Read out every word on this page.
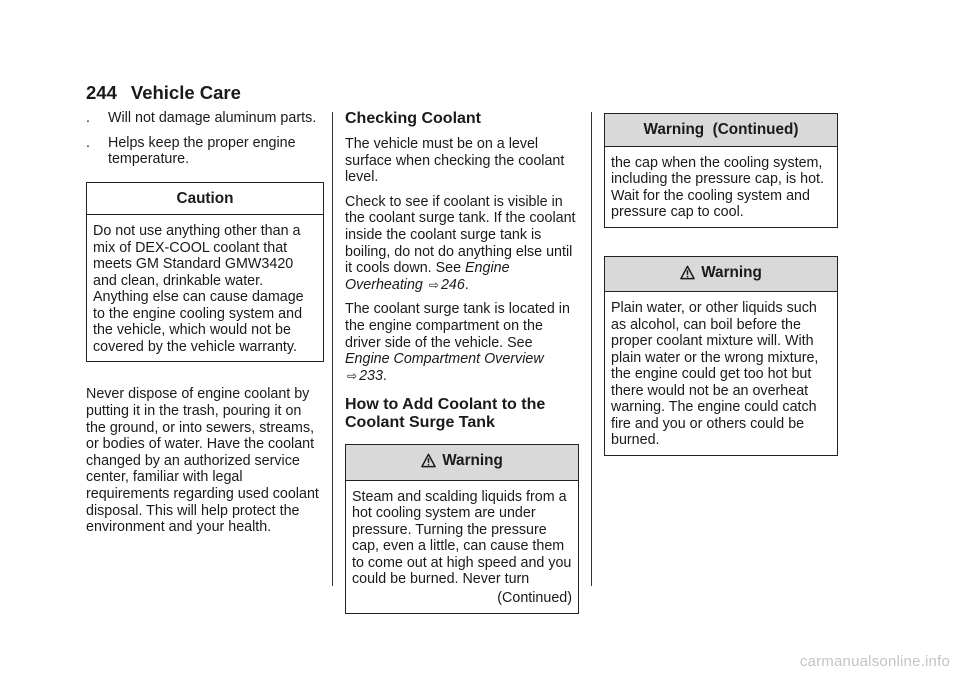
244 Vehicle Care
.	Will not damage aluminum parts.
.	Helps keep the proper engine temperature.
Caution

Do not use anything other than a mix of DEX-COOL coolant that meets GM Standard GMW3420 and clean, drinkable water. Anything else can cause damage to the engine cooling system and the vehicle, which would not be covered by the vehicle warranty.

Never dispose of engine coolant by putting it in the trash, pouring it on the ground, or into sewers, streams, or bodies of water. Have the coolant changed by an authorized service center, familiar with legal requirements regarding used coolant disposal. This will help protect the environment and your health.

Checking Coolant

The vehicle must be on a level surface when checking the coolant level.

Check to see if coolant is visible in the coolant surge tank. If the coolant inside the coolant surge tank is boiling, do not do anything else until it cools down. See Engine Overheating ⇨ 246.

The coolant surge tank is located in the engine compartment on the driver side of the vehicle. See Engine Compartment Overview
⇨ 233.

How to Add Coolant to the Coolant Surge Tank
Warning

Steam and scalding liquids from a hot cooling system are under pressure. Turning the pressure cap, even a little, can cause them to come out at high speed and you could be burned. Never turn

(Continued)
Warning  (Continued)

the cap when the cooling system, including the pressure cap, is hot. Wait for the cooling system and pressure cap to cool.

Warning

Plain water, or other liquids such as alcohol, can boil before the proper coolant mixture will. With plain water or the wrong mixture, the engine could get too hot but there would not be an overheat warning. The engine could catch fire and you or others could be burned.

carmanualsonline.info
